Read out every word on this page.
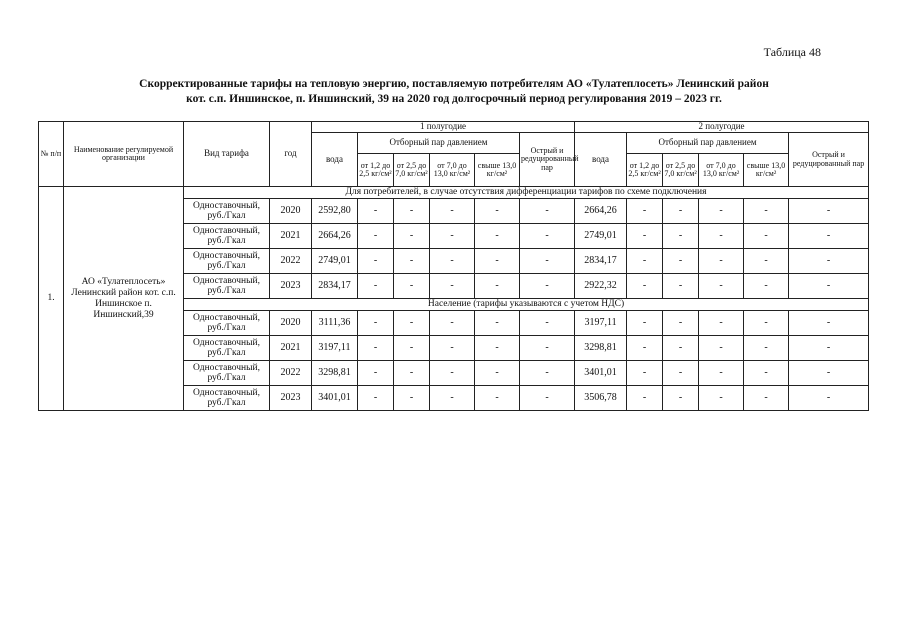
Таблица 48
Скорректированные тарифы на тепловую энергию, поставляемую потребителям АО «Тулатеплосеть» Ленинский район
кот. с.п. Иншинское, п. Иншинский, 39 на 2020 год долгосрочный период регулирования 2019 – 2023 гг.
№ п/п	Наименование регулируемой организации	Вид тарифа	год	1 полугодие						2 полугодие					
				вода	Отборный пар давлением				Острый и редуцированный пар	вода	Отборный пар давлением				Острый и редуцированный пар
					от 1,2 до 2,5 кг/см²	от 2,5 до 7,0 кг/см²	от 7,0 до 13,0 кг/см²	свыше 13,0 кг/см²			от 1,2 до 2,5 кг/см²	от 2,5 до 7,0 кг/см²	от 7,0 до 13,0 кг/см²	свыше 13,0 кг/см²	
1.	АО «Тулатеплосеть» Ленинский район кот. с.п. Иншинское п. Иншинский,39	Для потребителей, в случае отсутствия дифференциации тарифов по схеме подключения													
		Одноставочный, руб./Гкал	2020	2592,80	-	-	-	-	-	2664,26	-	-	-	-	-
		Одноставочный, руб./Гкал	2021	2664,26	-	-	-	-	-	2749,01	-	-	-	-	-
		Одноставочный, руб./Гкал	2022	2749,01	-	-	-	-	-	2834,17	-	-	-	-	-
		Одноставочный, руб./Гкал	2023	2834,17	-	-	-	-	-	2922,32	-	-	-	-	-
		Население (тарифы указываются с учетом НДС)													
		Одноставочный, руб./Гкал	2020	3111,36	-	-	-	-	-	3197,11	-	-	-	-	-
		Одноставочный, руб./Гкал	2021	3197,11	-	-	-	-	-	3298,81	-	-	-	-	-
		Одноставочный, руб./Гкал	2022	3298,81	-	-	-	-	-	3401,01	-	-	-	-	-
		Одноставочный, руб./Гкал	2023	3401,01	-	-	-	-	-	3506,78	-	-	-	-	-
